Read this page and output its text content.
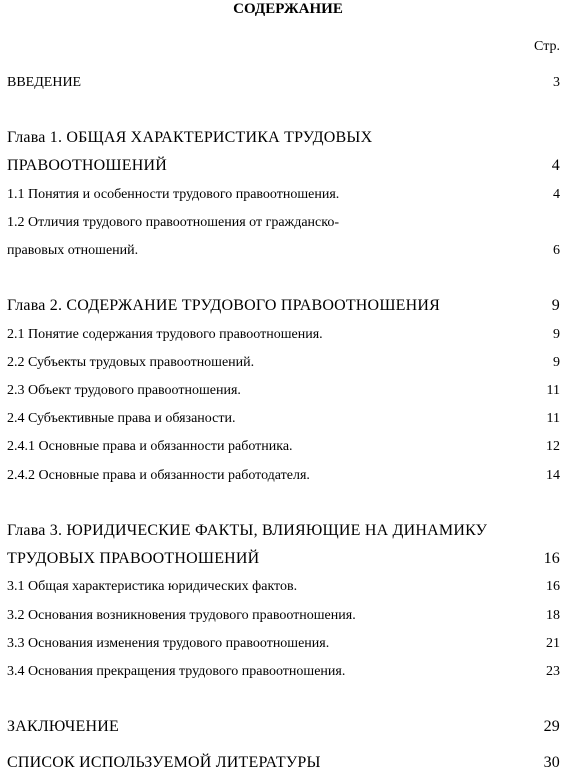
СОДЕРЖАНИЕ
Стр.
ВВЕДЕНИЕ	3
Глава 1. ОБЩАЯ ХАРАКТЕРИСТИКА ТРУДОВЫХ
ПРАВООТНОШЕНИЙ	4
1.1 Понятия и особенности трудового правоотношения.	4
1.2 Отличия трудового правоотношения от гражданско-
правовых отношений.	6
Глава 2. СОДЕРЖАНИЕ ТРУДОВОГО ПРАВООТНОШЕНИЯ	9
2.1 Понятие содержания трудового правоотношения.	9
2.2 Субъекты трудовых правоотношений.	9
2.3 Объект трудового правоотношения.	11
2.4 Субъективные права и обязаности.	11
2.4.1 Основные права и обязанности работника.	12
2.4.2 Основные права и обязанности работодателя.	14
Глава 3. ЮРИДИЧЕСКИЕ ФАКТЫ, ВЛИЯЮЩИЕ НА ДИНАМИКУ
ТРУДОВЫХ ПРАВООТНОШЕНИЙ	16
3.1 Общая характеристика юридических фактов.	16
3.2 Основания возникновения трудового правоотношения.	18
3.3 Основания изменения трудового правоотношения.	21
3.4 Основания прекращения трудового правоотношения.	23
ЗАКЛЮЧЕНИЕ	29
СПИСОК ИСПОЛЬЗУЕМОЙ ЛИТЕРАТУРЫ	30
